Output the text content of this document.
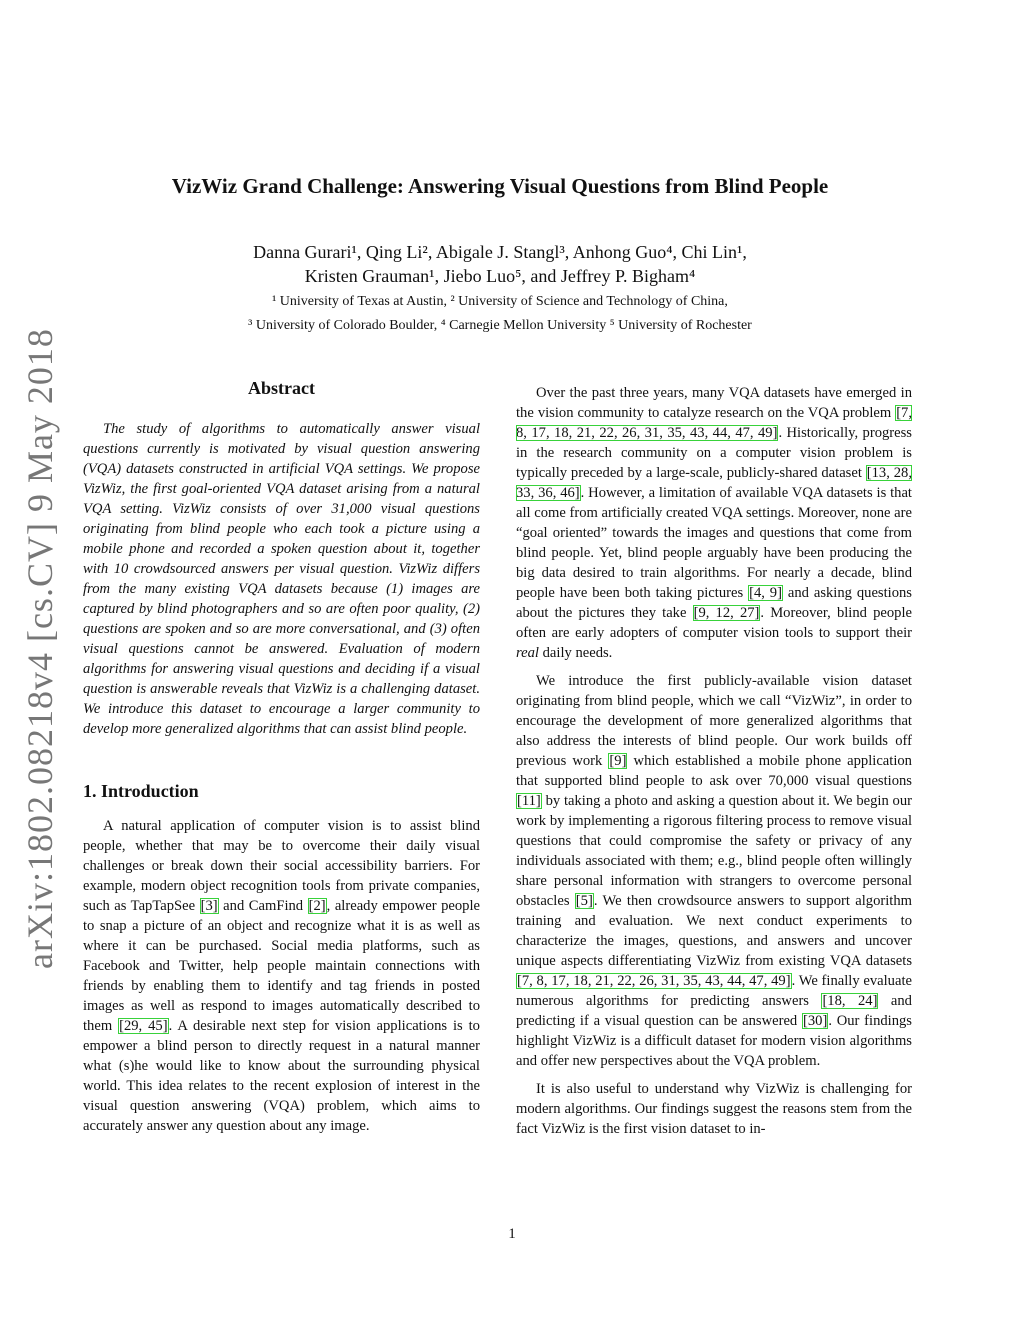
arXiv:1802.08218v4 [cs.CV] 9 May 2018
VizWiz Grand Challenge: Answering Visual Questions from Blind People
Danna Gurari¹, Qing Li², Abigale J. Stangl³, Anhong Guo⁴, Chi Lin¹,
Kristen Grauman¹, Jiebo Luo⁵, and Jeffrey P. Bigham⁴
¹ University of Texas at Austin, ² University of Science and Technology of China,
³ University of Colorado Boulder, ⁴ Carnegie Mellon University ⁵ University of Rochester
Abstract

The study of algorithms to automatically answer visual questions currently is motivated by visual question answering (VQA) datasets constructed in artificial VQA settings. We propose VizWiz, the first goal-oriented VQA dataset arising from a natural VQA setting. VizWiz consists of over 31,000 visual questions originating from blind people who each took a picture using a mobile phone and recorded a spoken question about it, together with 10 crowdsourced answers per visual question. VizWiz differs from the many existing VQA datasets because (1) images are captured by blind photographers and so are often poor quality, (2) questions are spoken and so are more conversational, and (3) often visual questions cannot be answered. Evaluation of modern algorithms for answering visual questions and deciding if a visual question is answerable reveals that VizWiz is a challenging dataset. We introduce this dataset to encourage a larger community to develop more generalized algorithms that can assist blind people.

1. Introduction

A natural application of computer vision is to assist blind people, whether that may be to overcome their daily visual challenges or break down their social accessibility barriers. For example, modern object recognition tools from private companies, such as TapTapSee [3] and CamFind [2], already empower people to snap a picture of an object and recognize what it is as well as where it can be purchased. Social media platforms, such as Facebook and Twitter, help people maintain connections with friends by enabling them to identify and tag friends in posted images as well as respond to images automatically described to them [29, 45]. A desirable next step for vision applications is to empower a blind person to directly request in a natural manner what (s)he would like to know about the surrounding physical world. This idea relates to the recent explosion of interest in the visual question answering (VQA) problem, which aims to accurately answer any question about any image.

Over the past three years, many VQA datasets have emerged in the vision community to catalyze research on the VQA problem [7, 8, 17, 18, 21, 22, 26, 31, 35, 43, 44, 47, 49]. Historically, progress in the research community on a computer vision problem is typically preceded by a large-scale, publicly-shared dataset [13, 28, 33, 36, 46]. However, a limitation of available VQA datasets is that all come from artificially created VQA settings. Moreover, none are “goal oriented” towards the images and questions that come from blind people. Yet, blind people arguably have been producing the big data desired to train algorithms. For nearly a decade, blind people have been both taking pictures [4, 9] and asking questions about the pictures they take [9, 12, 27]. Moreover, blind people often are early adopters of computer vision tools to support their real daily needs.

We introduce the first publicly-available vision dataset originating from blind people, which we call “VizWiz”, in order to encourage the development of more generalized algorithms that also address the interests of blind people. Our work builds off previous work [9] which established a mobile phone application that supported blind people to ask over 70,000 visual questions [11] by taking a photo and asking a question about it. We begin our work by implementing a rigorous filtering process to remove visual questions that could compromise the safety or privacy of any individuals associated with them; e.g., blind people often willingly share personal information with strangers to overcome personal obstacles [5]. We then crowdsource answers to support algorithm training and evaluation. We next conduct experiments to characterize the images, questions, and answers and uncover unique aspects differentiating VizWiz from existing VQA datasets [7, 8, 17, 18, 21, 22, 26, 31, 35, 43, 44, 47, 49]. We finally evaluate numerous algorithms for predicting answers [18, 24] and predicting if a visual question can be answered [30]. Our findings highlight VizWiz is a difficult dataset for modern vision algorithms and offer new perspectives about the VQA problem.

It is also useful to understand why VizWiz is challenging for modern algorithms. Our findings suggest the reasons stem from the fact VizWiz is the first vision dataset to in-

1
